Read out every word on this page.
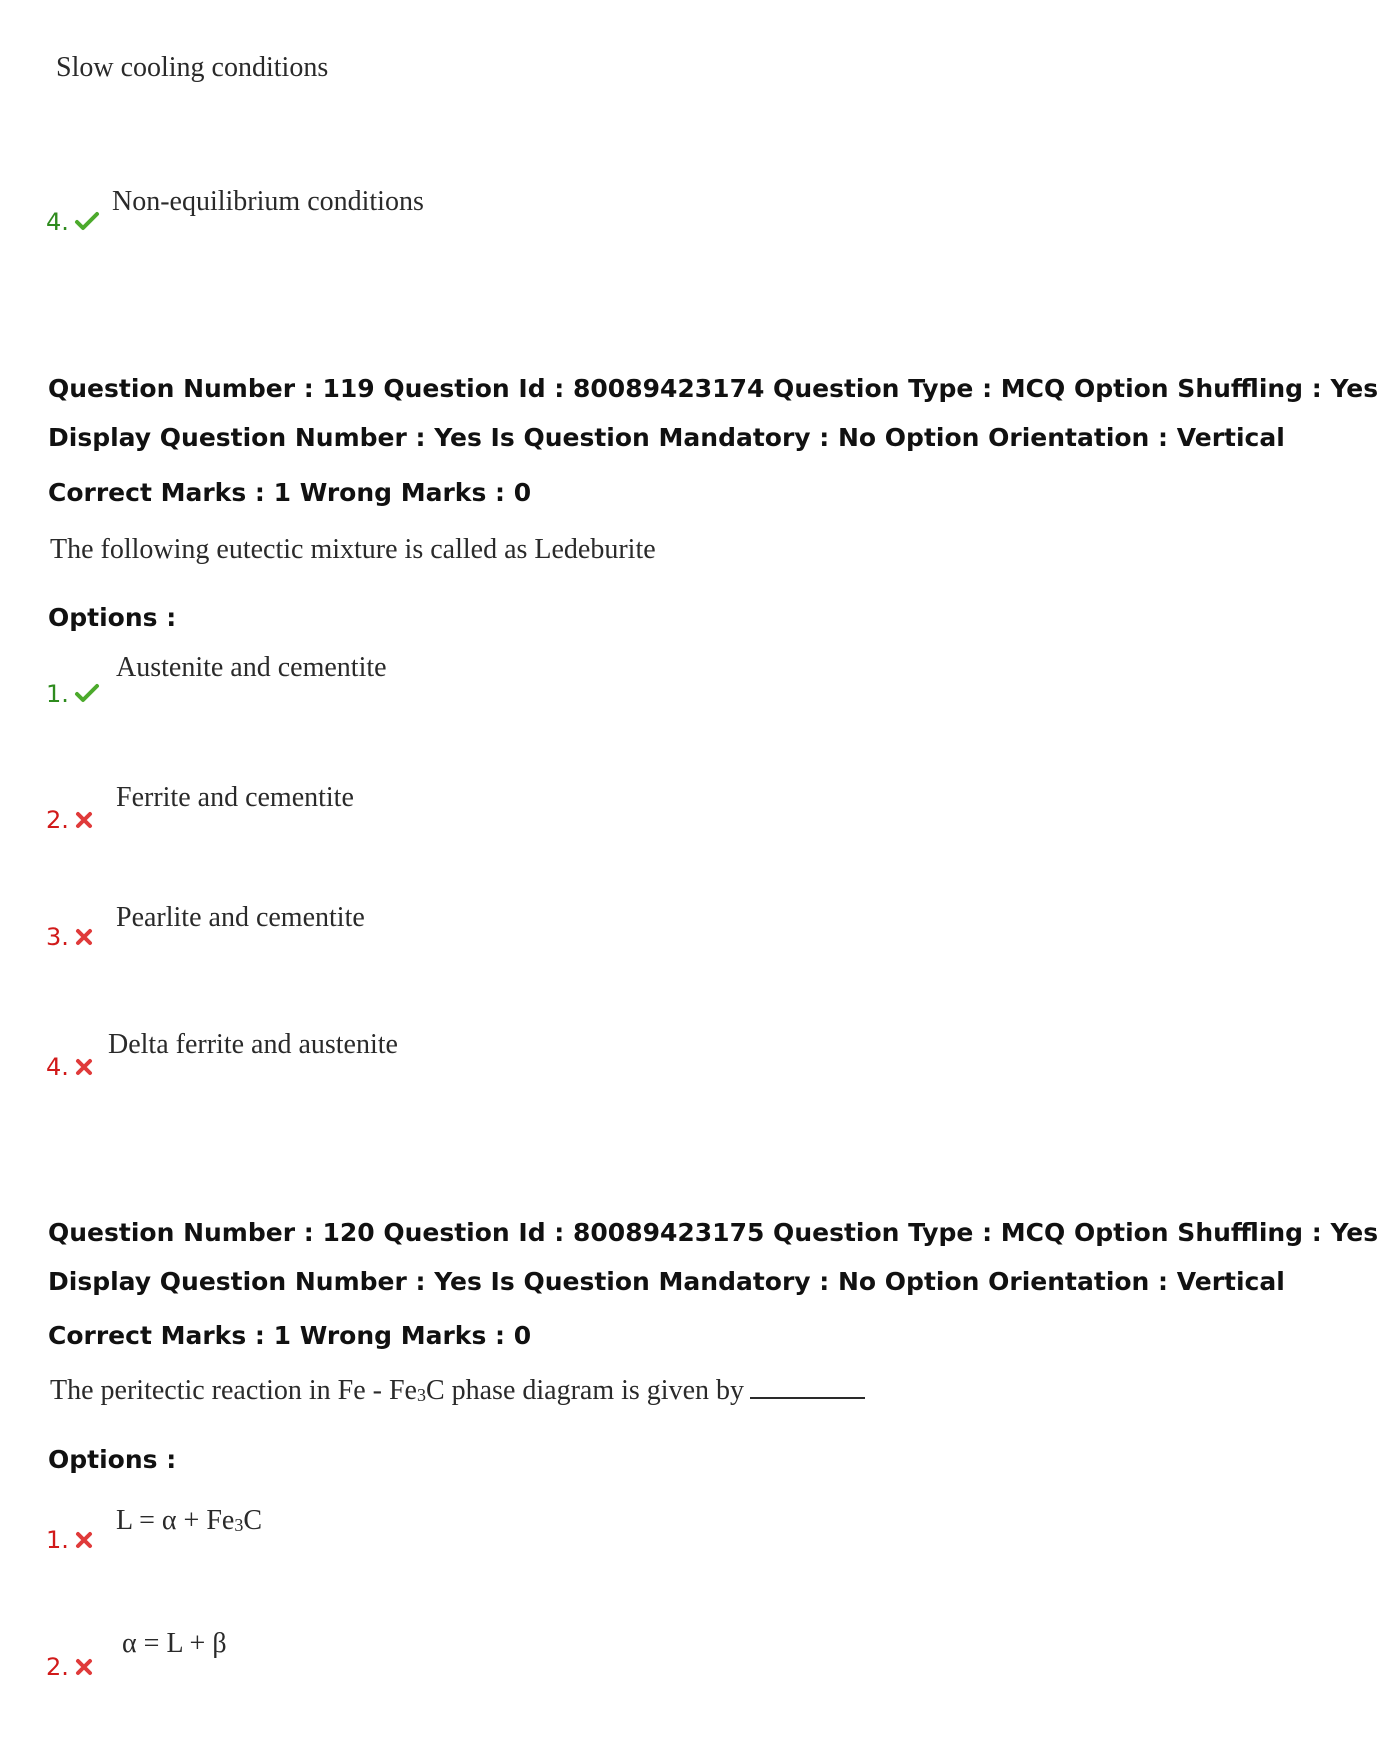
Slow cooling conditions
4.
Non-equilibrium conditions
Question Number : 119 Question Id : 80089423174 Question Type : MCQ Option Shuffling : Yes
Display Question Number : Yes Is Question Mandatory : No Option Orientation : Vertical
Correct Marks : 1 Wrong Marks : 0
The following eutectic mixture is called as Ledeburite
Options :
1.
Austenite and cementite
2.
Ferrite and cementite
3.
Pearlite and cementite
4.
Delta ferrite and austenite
Question Number : 120 Question Id : 80089423175 Question Type : MCQ Option Shuffling : Yes
Display Question Number : Yes Is Question Mandatory : No Option Orientation : Vertical
Correct Marks : 1 Wrong Marks : 0
The peritectic reaction in Fe - $Fe_3C$ phase diagram is given by
Options :
1.
$L = \alpha + Fe_3C$
2.
α = L + β
